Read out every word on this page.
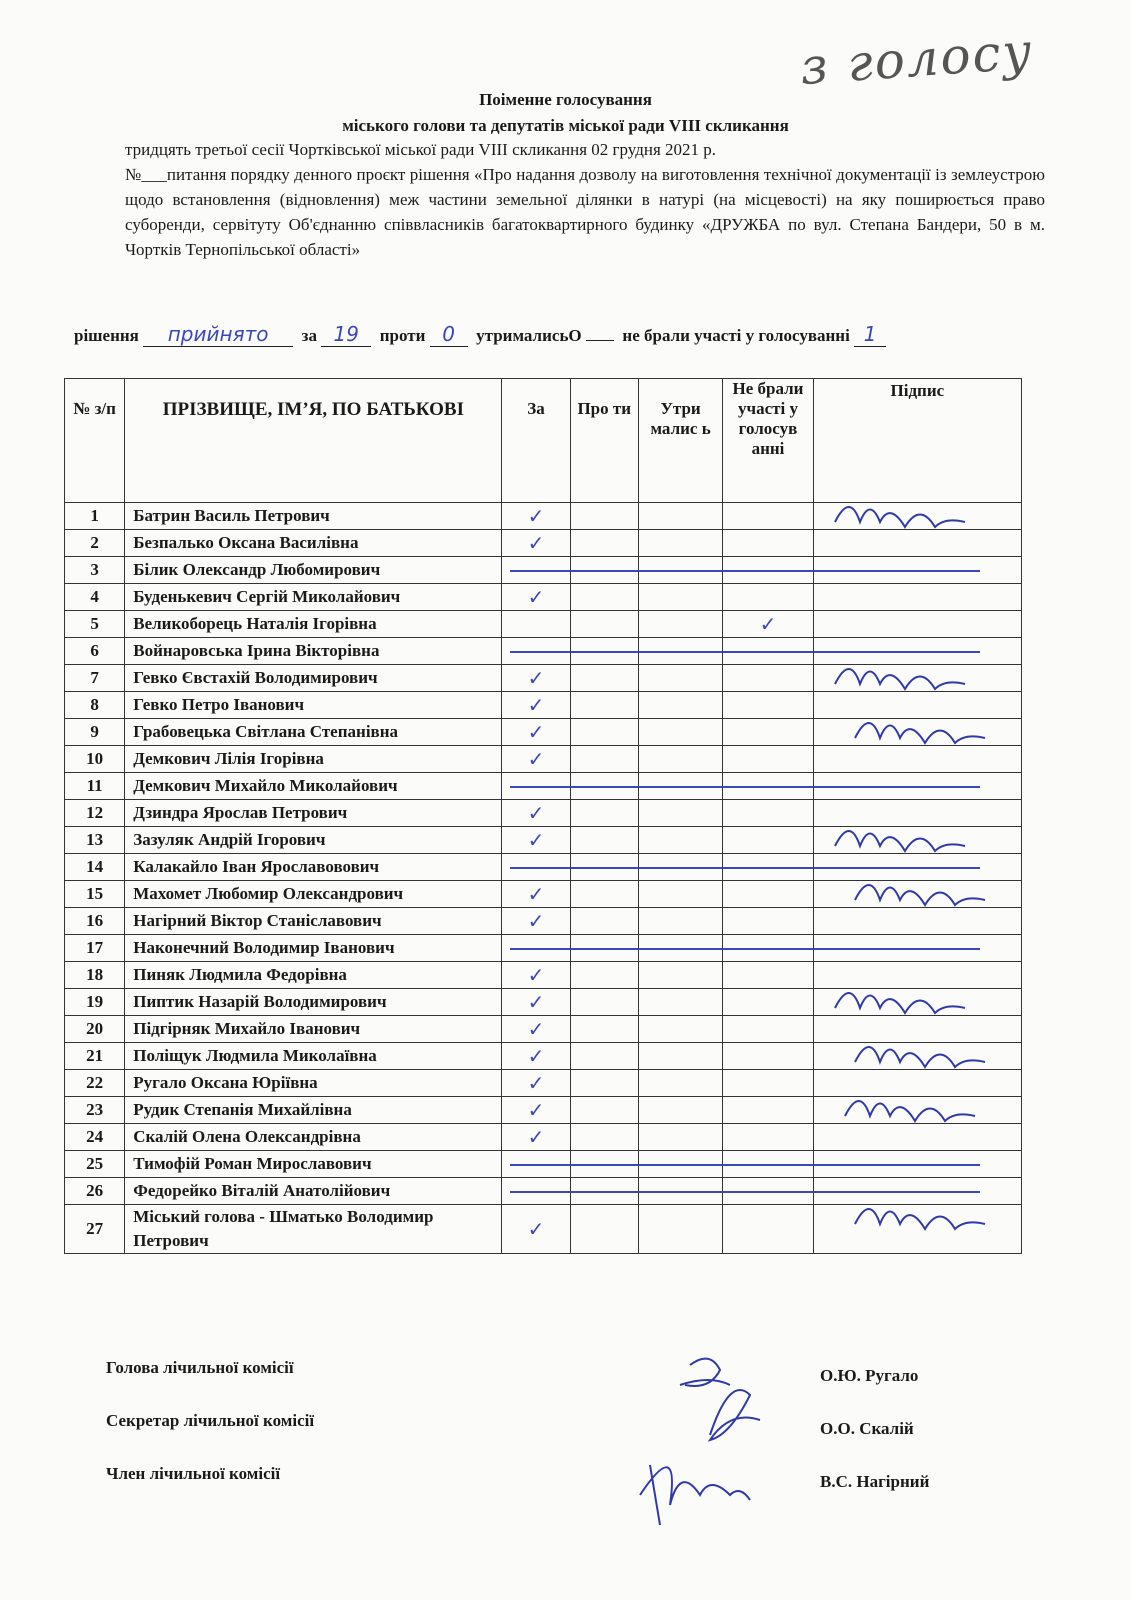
з голосу
Поіменне голосування
міського голови та депутатів міської ради VIII скликання
тридцять третьої сесії Чортківської міської ради VIII скликання 02 грудня 2021 р.
№___питання порядку денного проєкт рішення «Про надання дозволу на виготовлення технічної документації із землеустрою щодо встановлення (відновлення) меж частини земельної ділянки в натурі (на місцевості) на яку поширюється право суборенди, сервітуту Об'єднанню співвласників багатоквартирного будинку «ДРУЖБА по вул. Степана Бандери, 50 в м. Чортків Тернопільської області»
рішення прийнято за 19 проти 0 утрималисьО не брали участі у голосуванні 1
№ з/п	ПРІЗВИЩЕ, ІМ’Я, ПО БАТЬКОВІ	За	Про ти	Утри малис ь	Не брали участі у голосув анні	Підпис
1	Батрин Василь Петрович	✓				
2	Безпалько Оксана Василівна	✓				
3	Білик Олександр Любомирович					
4	Буденькевич Сергій Миколайович	✓				
5	Великоборець Наталія Ігорівна				✓	
6	Войнаровська Ірина Вікторівна					
7	Гевко Євстахій Володимирович	✓				
8	Гевко Петро Іванович	✓				
9	Грабовецька Світлана Степанівна	✓				
10	Демкович Лілія Ігорівна	✓				
11	Демкович Михайло Миколайович					
12	Дзиндра Ярослав Петрович	✓				
13	Зазуляк Андрій Ігорович	✓				
14	Калакайло Іван Ярославовович					
15	Махомет Любомир Олександрович	✓				
16	Нагірний Віктор Станіславович	✓				
17	Наконечний Володимир Іванович					
18	Пиняк Людмила Федорівна	✓				
19	Пиптик Назарій Володимирович	✓				
20	Підгірняк Михайло Іванович	✓				
21	Поліщук Людмила Миколаївна	✓				
22	Ругало Оксана Юріївна	✓				
23	Рудик Степанія Михайлівна	✓				
24	Скалій Олена Олександрівна	✓				
25	Тимофій Роман Мирославович					
26	Федорейко Віталій Анатолійович					
27	Міський голова - Шматько Володимир Петрович	✓				
Голова лічильної комісії	О.Ю. Ругало
Секретар лічильної комісії	О.О. Скалій
Член лічильної комісії	В.С. Нагірний
